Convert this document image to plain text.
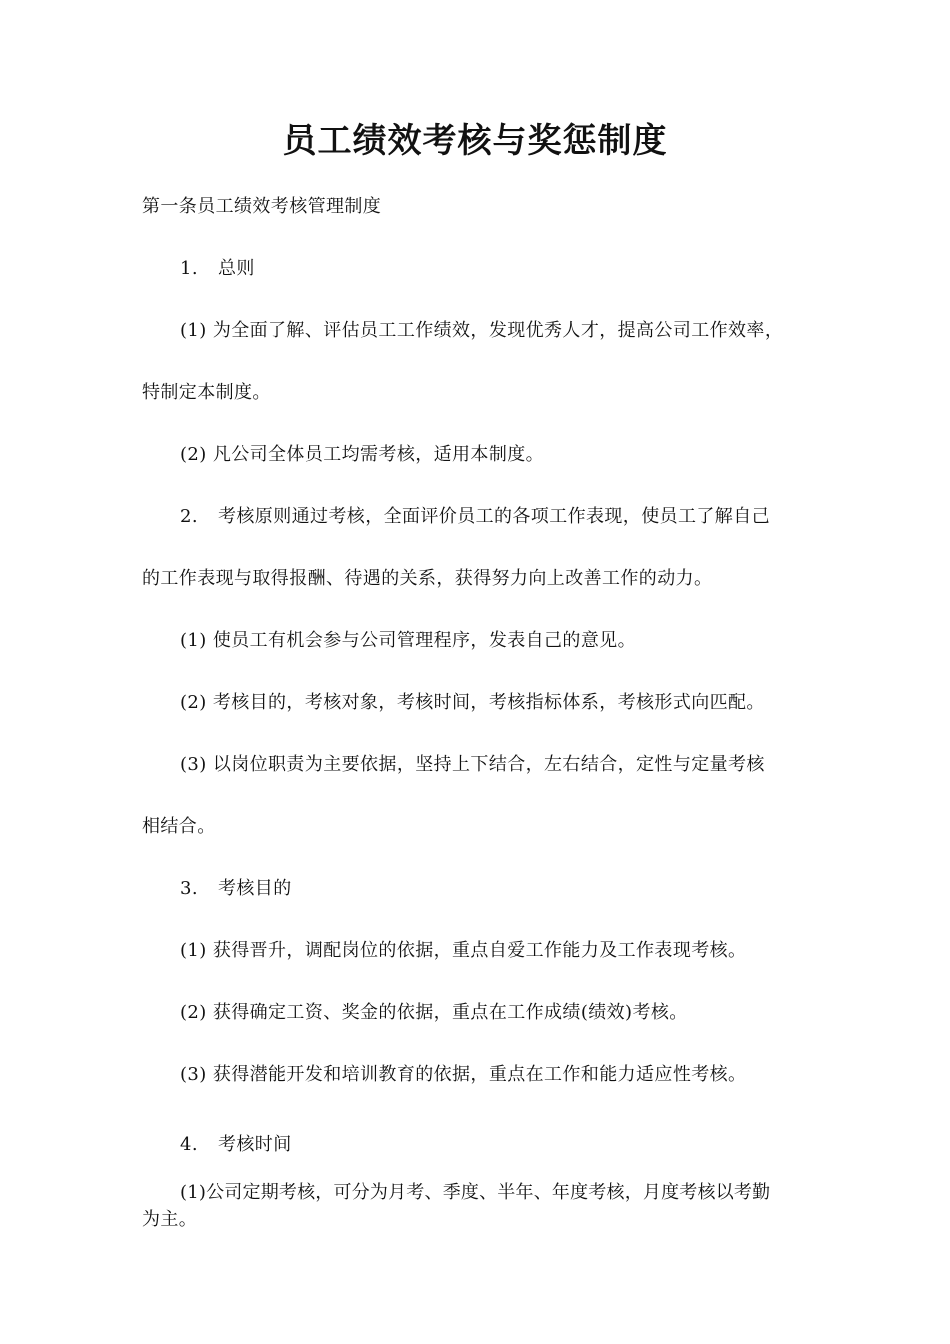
员工绩效考核与奖惩制度
第一条员工绩效考核管理制度
1. 总则
(1) 为全面了解、评估员工工作绩效，发现优秀人才，提高公司工作效率，
特制定本制度。
(2) 凡公司全体员工均需考核，适用本制度。
2. 考核原则通过考核，全面评价员工的各项工作表现，使员工了解自己
的工作表现与取得报酬、待遇的关系，获得努力向上改善工作的动力。
(1) 使员工有机会参与公司管理程序，发表自己的意见。
(2) 考核目的，考核对象，考核时间，考核指标体系，考核形式向匹配。
(3) 以岗位职责为主要依据，坚持上下结合，左右结合，定性与定量考核
相结合。
3. 考核目的
(1) 获得晋升，调配岗位的依据，重点自爱工作能力及工作表现考核。
(2) 获得确定工资、奖金的依据，重点在工作成绩(绩效)考核。
(3) 获得潜能开发和培训教育的依据，重点在工作和能力适应性考核。
4. 考核时间
(1)公司定期考核，可分为月考、季度、半年、年度考核，月度考核以考勤
为主。
